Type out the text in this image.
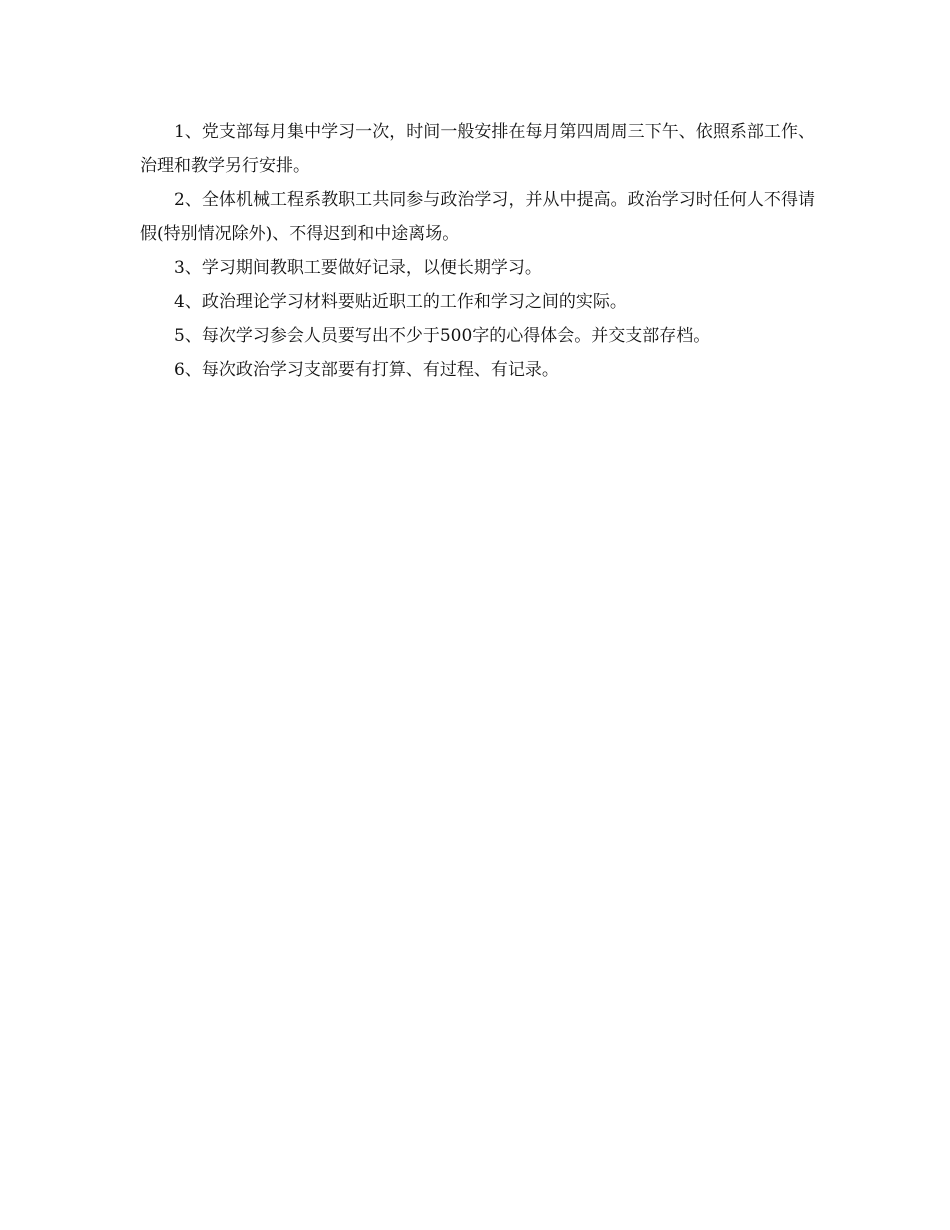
1、党支部每月集中学习一次，时间一般安排在每月第四周周三下午、依照系部工作、治理和教学另行安排。

2、全体机械工程系教职工共同参与政治学习，并从中提高。政治学习时任何人不得请假(特别情况除外)、不得迟到和中途离场。

3、学习期间教职工要做好记录，以便长期学习。

4、政治理论学习材料要贴近职工的工作和学习之间的实际。

5、每次学习参会人员要写出不少于500字的心得体会。并交支部存档。

6、每次政治学习支部要有打算、有过程、有记录。
